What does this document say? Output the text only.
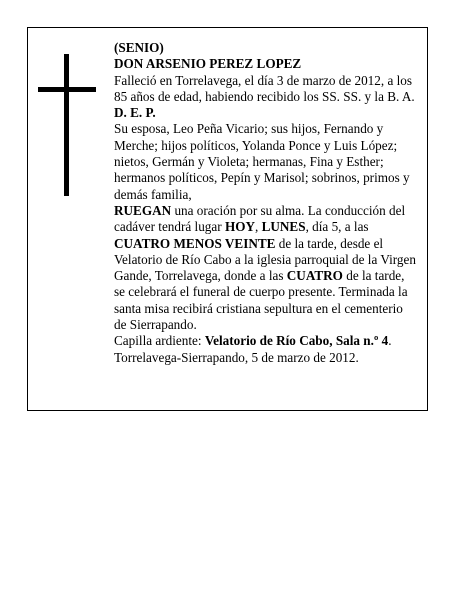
(SENIO)

DON ARSENIO PEREZ LOPEZ

Falleció en Torrelavega, el día 3 de marzo de 2012, a los 85 años de edad, habiendo recibido los SS. SS. y la B. A.

D. E. P.

Su esposa, Leo Peña Vicario; sus hijos, Fernando y Merche; hijos políticos, Yolanda Ponce y Luis López; nietos, Germán y Violeta; hermanas, Fina y Esther; hermanos políticos, Pepín y Marisol; sobrinos, primos y demás familia,

RUEGAN una oración por su alma. La conducción del cadáver tendrá lugar HOY, LUNES, día 5, a las CUATRO MENOS VEINTE de la tarde, desde el Velatorio de Río Cabo a la iglesia parroquial de la Virgen Gande, Torrelavega, donde a las CUATRO de la tarde, se celebrará el funeral de cuerpo presente. Terminada la santa misa recibirá cristiana sepultura en el cementerio de Sierrapando.

Capilla ardiente: Velatorio de Río Cabo, Sala n.º 4.

Torrelavega-Sierrapando, 5 de marzo de 2012.
